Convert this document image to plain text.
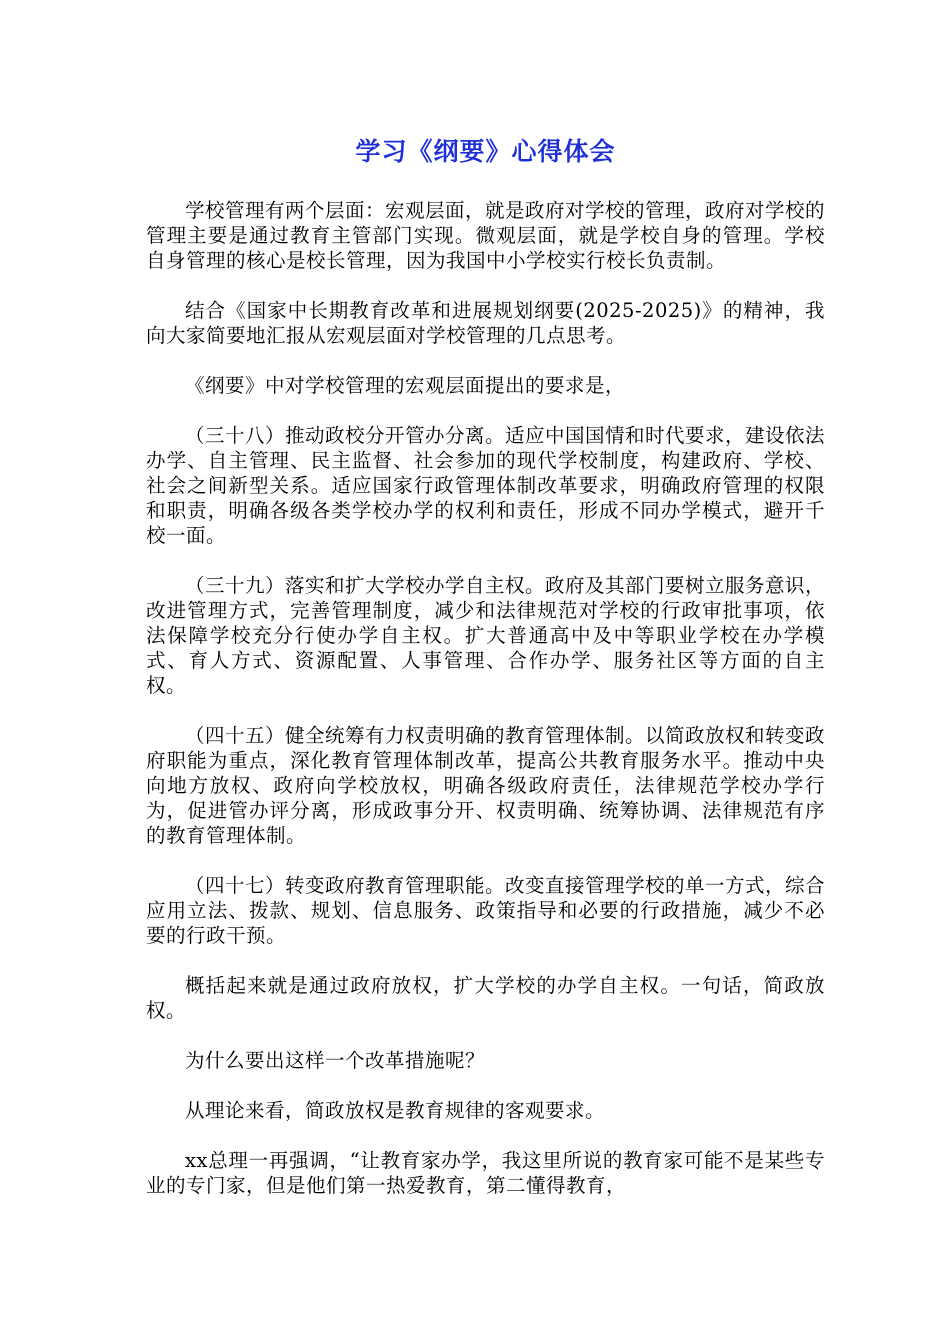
学习《纲要》心得体会

学校管理有两个层面：宏观层面，就是政府对学校的管理，政府对学校的管理主要是通过教育主管部门实现。微观层面，就是学校自身的管理。学校自身管理的核心是校长管理，因为我国中小学校实行校长负责制。

结合《国家中长期教育改革和进展规划纲要(2025-2025)》的精神，我向大家简要地汇报从宏观层面对学校管理的几点思考。

《纲要》中对学校管理的宏观层面提出的要求是，

（三十八）推动政校分开管办分离。适应中国国情和时代要求，建设依法办学、自主管理、民主监督、社会参加的现代学校制度，构建政府、学校、社会之间新型关系。适应国家行政管理体制改革要求，明确政府管理的权限和职责，明确各级各类学校办学的权利和责任，形成不同办学模式，避开千校一面。

（三十九）落实和扩大学校办学自主权。政府及其部门要树立服务意识，改进管理方式，完善管理制度，减少和法律规范对学校的行政审批事项，依法保障学校充分行使办学自主权。扩大普通高中及中等职业学校在办学模式、育人方式、资源配置、人事管理、合作办学、服务社区等方面的自主权。

（四十五）健全统筹有力权责明确的教育管理体制。以简政放权和转变政府职能为重点，深化教育管理体制改革，提高公共教育服务水平。推动中央向地方放权、政府向学校放权，明确各级政府责任，法律规范学校办学行为，促进管办评分离，形成政事分开、权责明确、统筹协调、法律规范有序的教育管理体制。

（四十七）转变政府教育管理职能。改变直接管理学校的单一方式，综合应用立法、拨款、规划、信息服务、政策指导和必要的行政措施，减少不必要的行政干预。

概括起来就是通过政府放权，扩大学校的办学自主权。一句话，简政放权。

为什么要出这样一个改革措施呢？

从理论来看，简政放权是教育规律的客观要求。

xx总理一再强调，“让教育家办学，我这里所说的教育家可能不是某些专业的专门家，但是他们第一热爱教育，第二懂得教育，
